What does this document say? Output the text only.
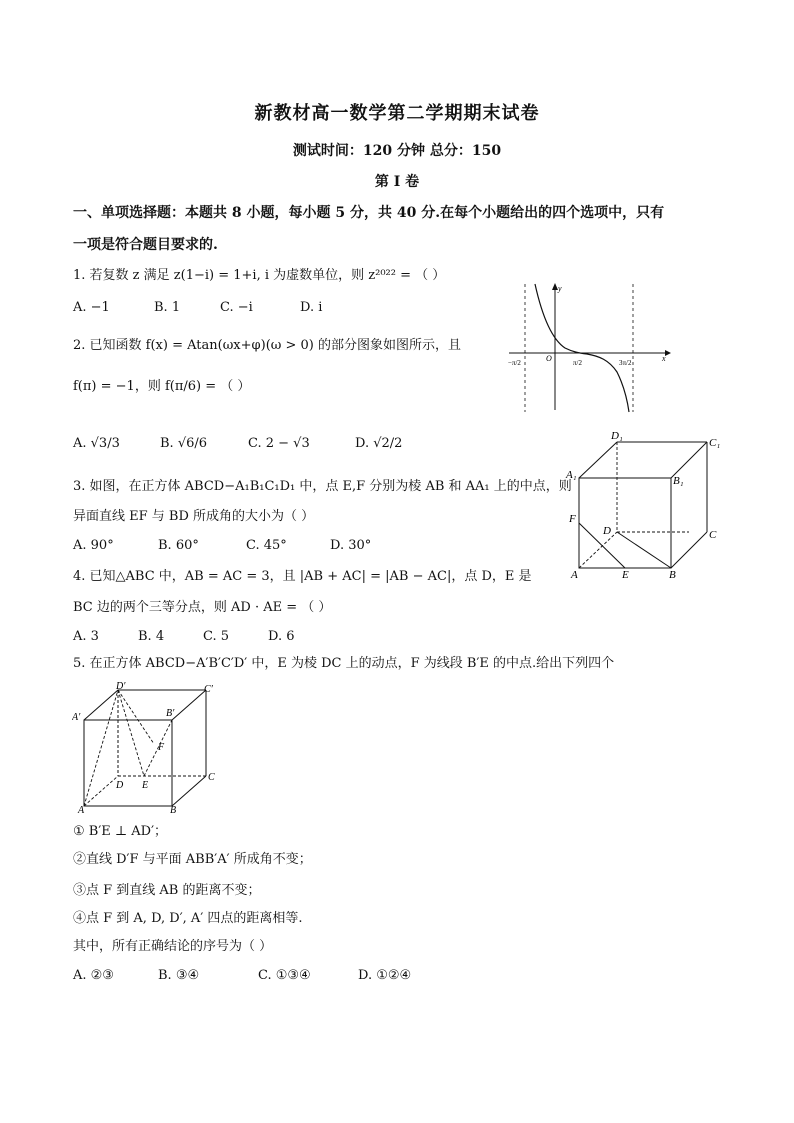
新教材高一数学第二学期期末试卷
测试时间：120 分钟 总分：150
第 I 卷
一、单项选择题：本题共 8 小题，每小题 5 分，共 40 分.在每个小题给出的四个选项中，只有
一项是符合题目要求的.
1. 若复数 z 满足 z(1−i) = 1+i, i 为虚数单位，则 z²⁰²² = （ ）
A. −1	B. 1	C. −i	D. i
2. 已知函数 f(x) = Atan(ωx+φ)(ω > 0) 的部分图象如图所示，且
f(π) = −1，则 f(π/6) = （ ）
A. √3/3	B. √6/6	C. 2 − √3	D. √2/2
3. 如图，在正方体 ABCD−A₁B₁C₁D₁ 中，点 E,F 分别为棱 AB 和 AA₁ 上的中点，则
异面直线 EF 与 BD 所成角的大小为（ ）
A. 90°	B. 60°	C. 45°	D. 30°
4. 已知△ABC 中，AB = AC = 3，且 |AB + AC| = |AB − AC|，点 D，E 是
BC 边的两个三等分点，则 AD · AE = （ ）
A. 3	B. 4	C. 5	D. 6
5. 在正方体 ABCD−A′B′C′D′ 中，E 为棱 DC 上的动点，F 为线段 B′E 的中点.给出下列四个
① B′E ⊥ AD′；
②直线 D′F 与平面 ABB′A′ 所成角不变；
③点 F 到直线 AB 的距离不变；
④点 F 到 A, D, D′, A′ 四点的距离相等.
其中，所有正确结论的序号为（ ）
A. ②③	B. ③④	C. ①③④	D. ①②④
y
x
O
−π/2	π/2	3π/2
D₁
C₁
A₁	B₁
F
D	C
A	E	B
D′	C′
A′	B′
F
D E
C
A	B
